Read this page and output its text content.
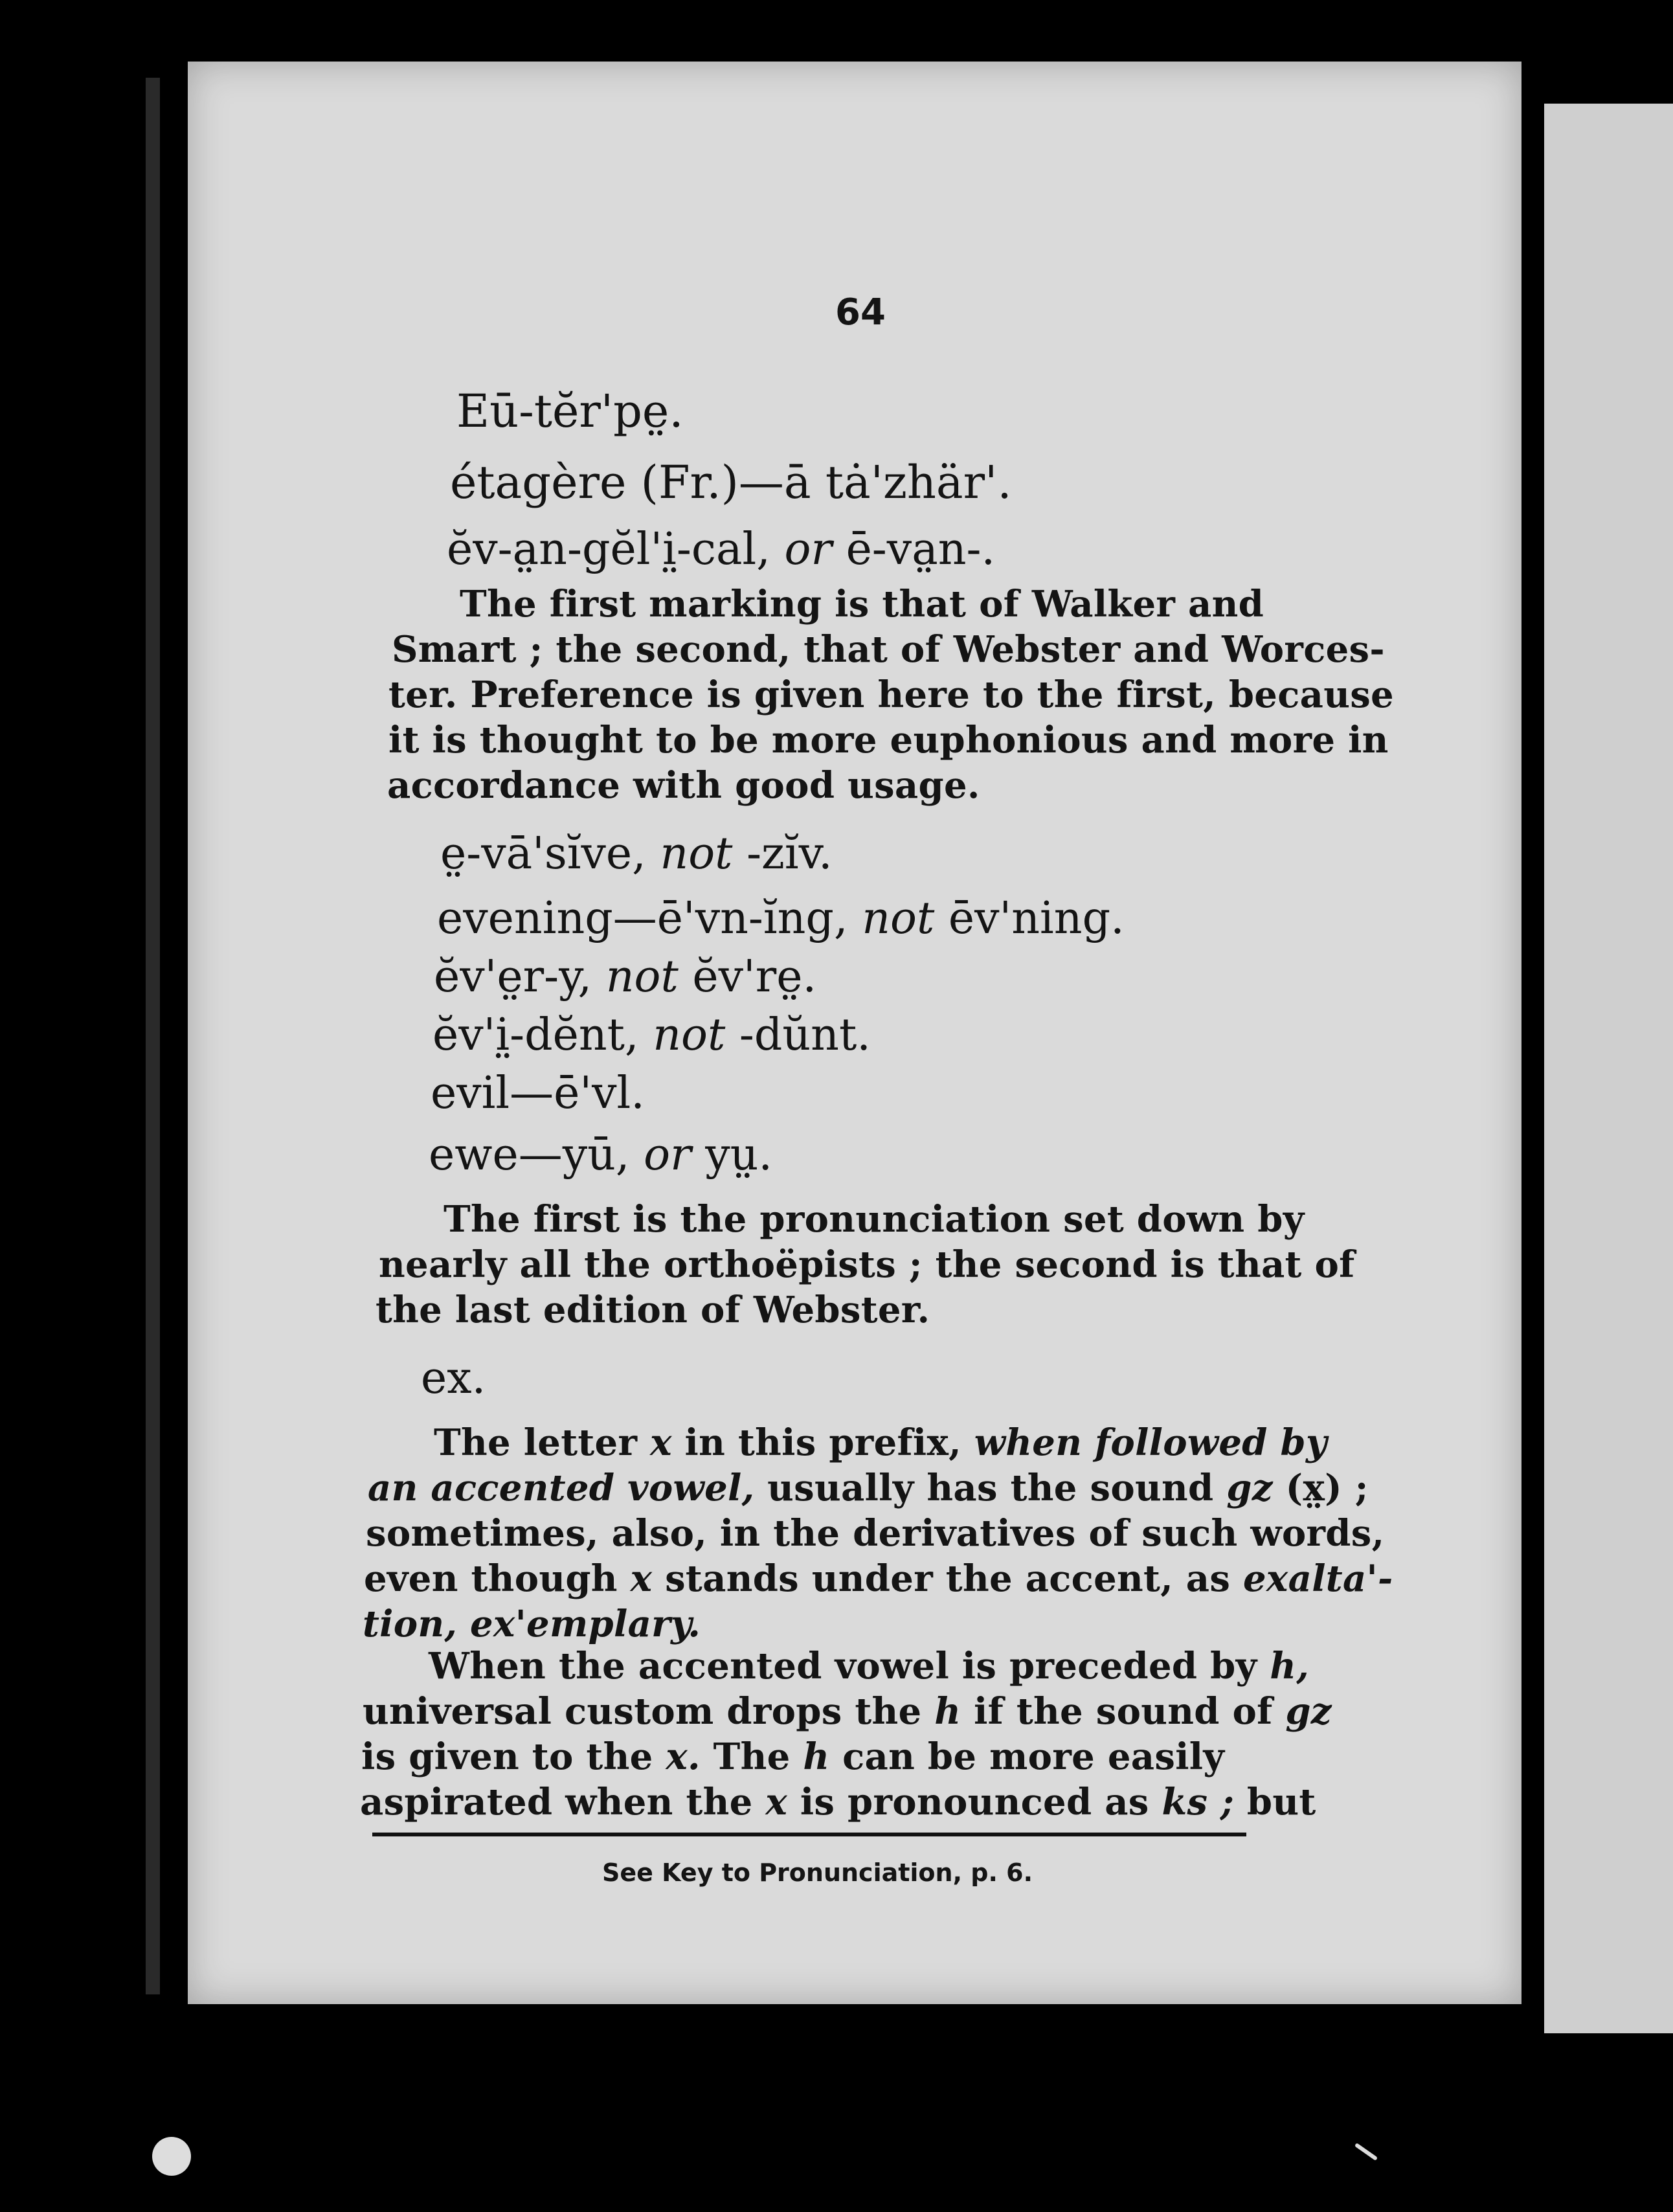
64
Eū-tĕr'pe̤.
étagère (Fr.)—ā tȧ'zhär'.
ĕv-a̤n-gĕl'i̤-cal, or ē-va̤n-.
The first marking is that of Walker and
Smart ; the second, that of Webster and Worces-
ter. Preference is given here to the first, because
it is thought to be more euphonious and more in
accordance with good usage.
e̤-vā'sĭve, not -zĭv.
evening—ē'vn-ĭng, not ēv'ning.
ĕv'e̤r-y, not ĕv're̤.
ĕv'i̤-dĕnt, not -dŭnt.
evil—ē'vl.
ewe—yū, or yṳ.
The first is the pronunciation set down by
nearly all the orthoëpists ; the second is that of
the last edition of Webster.
ex.
The letter x in this prefix, when followed by
an accented vowel, usually has the sound gz (x̤) ;
sometimes, also, in the derivatives of such words,
even though x stands under the accent, as exalta'-
tion, ex'emplary.
When the accented vowel is preceded by h,
universal custom drops the h if the sound of gz
is given to the x. The h can be more easily
aspirated when the x is pronounced as ks ; but
See Key to Pronunciation, p. 6.
